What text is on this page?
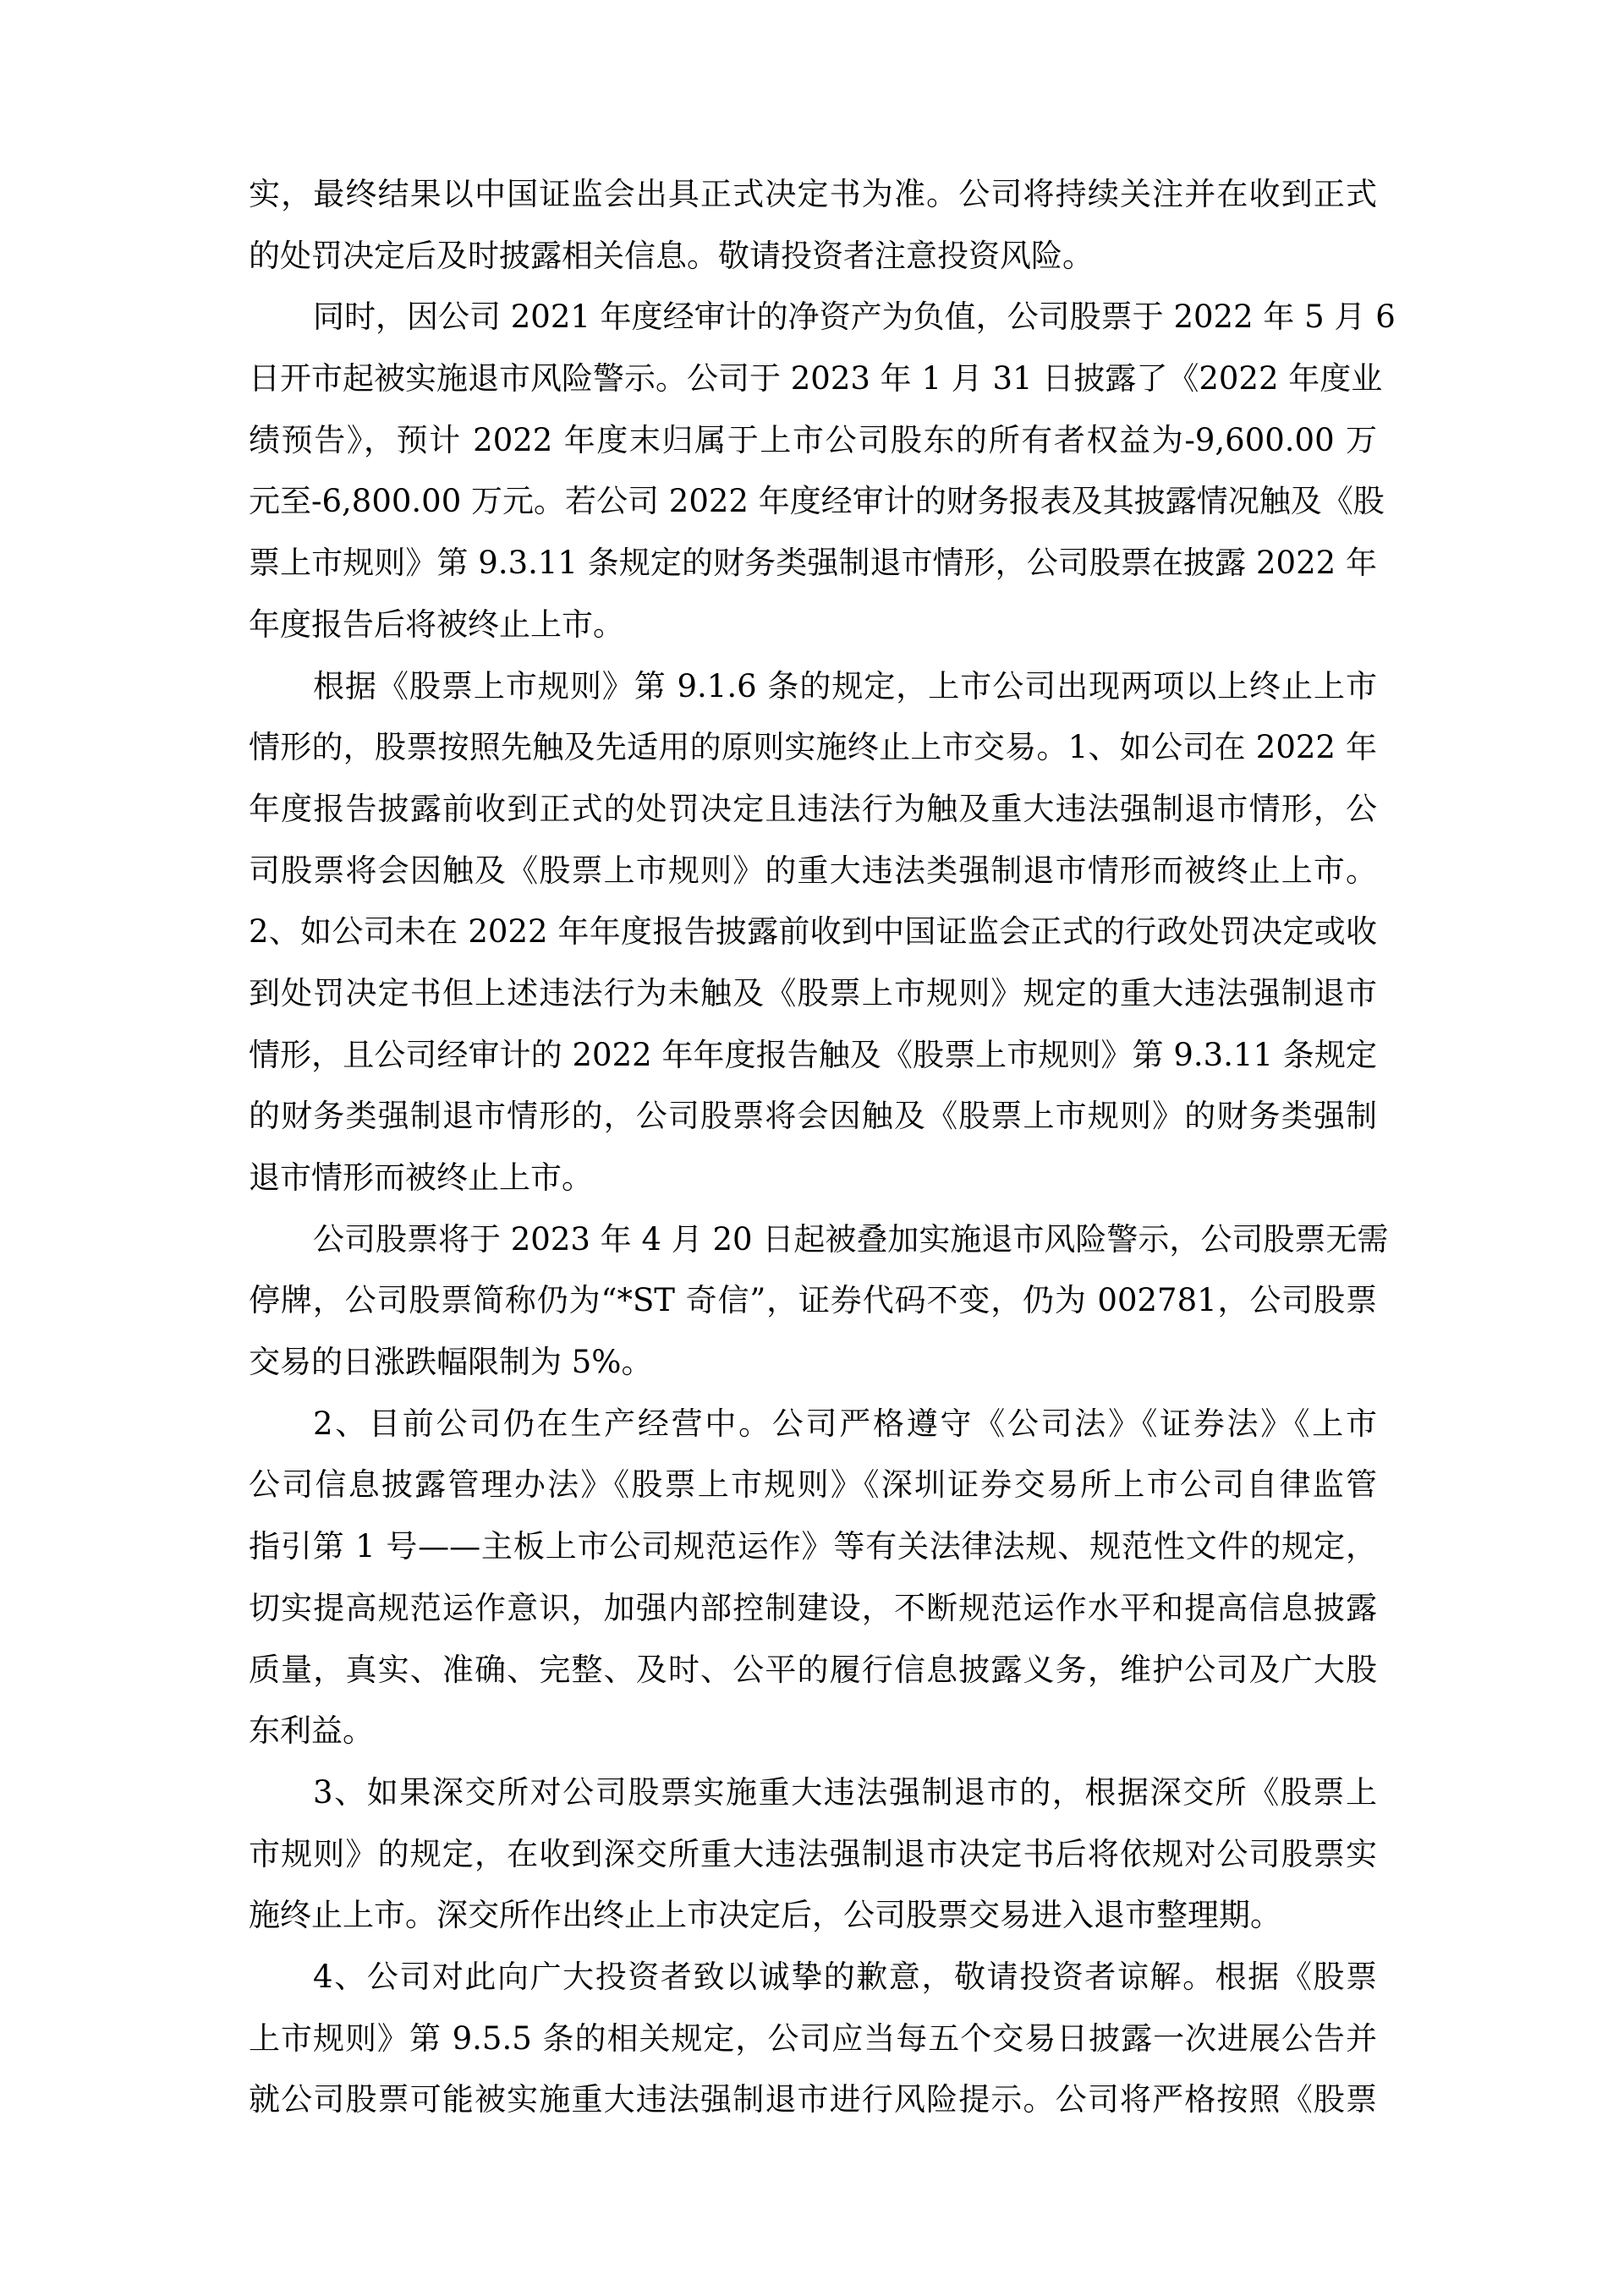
实，最终结果以中国证监会出具正式决定书为准。公司将持续关注并在收到正式
的处罚决定后及时披露相关信息。敬请投资者注意投资风险。
同时，因公司 2021 年度经审计的净资产为负值，公司股票于 2022 年 5 月 6
日开市起被实施退市风险警示。公司于 2023 年 1 月 31 日披露了《2022 年度业
绩预告》，预计 2022 年度末归属于上市公司股东的所有者权益为-9,600.00 万
元至-6,800.00 万元。若公司 2022 年度经审计的财务报表及其披露情况触及《股
票上市规则》第 9.3.11 条规定的财务类强制退市情形，公司股票在披露 2022 年
年度报告后将被终止上市。
根据《股票上市规则》第 9.1.6 条的规定，上市公司出现两项以上终止上市
情形的，股票按照先触及先适用的原则实施终止上市交易。1、如公司在 2022 年
年度报告披露前收到正式的处罚决定且违法行为触及重大违法强制退市情形，公
司股票将会因触及《股票上市规则》的重大违法类强制退市情形而被终止上市。
2、如公司未在 2022 年年度报告披露前收到中国证监会正式的行政处罚决定或收
到处罚决定书但上述违法行为未触及《股票上市规则》规定的重大违法强制退市
情形，且公司经审计的 2022 年年度报告触及《股票上市规则》第 9.3.11 条规定
的财务类强制退市情形的，公司股票将会因触及《股票上市规则》的财务类强制
退市情形而被终止上市。
公司股票将于 2023 年 4 月 20 日起被叠加实施退市风险警示，公司股票无需
停牌，公司股票简称仍为“*ST 奇信”，证券代码不变，仍为 002781，公司股票
交易的日涨跌幅限制为 5%。
2、目前公司仍在生产经营中。公司严格遵守《公司法》《证券法》《上市
公司信息披露管理办法》《股票上市规则》《深圳证券交易所上市公司自律监管
指引第 1 号——主板上市公司规范运作》等有关法律法规、规范性文件的规定，
切实提高规范运作意识，加强内部控制建设，不断规范运作水平和提高信息披露
质量，真实、准确、完整、及时、公平的履行信息披露义务，维护公司及广大股
东利益。
3、如果深交所对公司股票实施重大违法强制退市的，根据深交所《股票上
市规则》的规定，在收到深交所重大违法强制退市决定书后将依规对公司股票实
施终止上市。深交所作出终止上市决定后，公司股票交易进入退市整理期。
4、公司对此向广大投资者致以诚挚的歉意，敬请投资者谅解。根据《股票
上市规则》第 9.5.5 条的相关规定，公司应当每五个交易日披露一次进展公告并
就公司股票可能被实施重大违法强制退市进行风险提示。公司将严格按照《股票
